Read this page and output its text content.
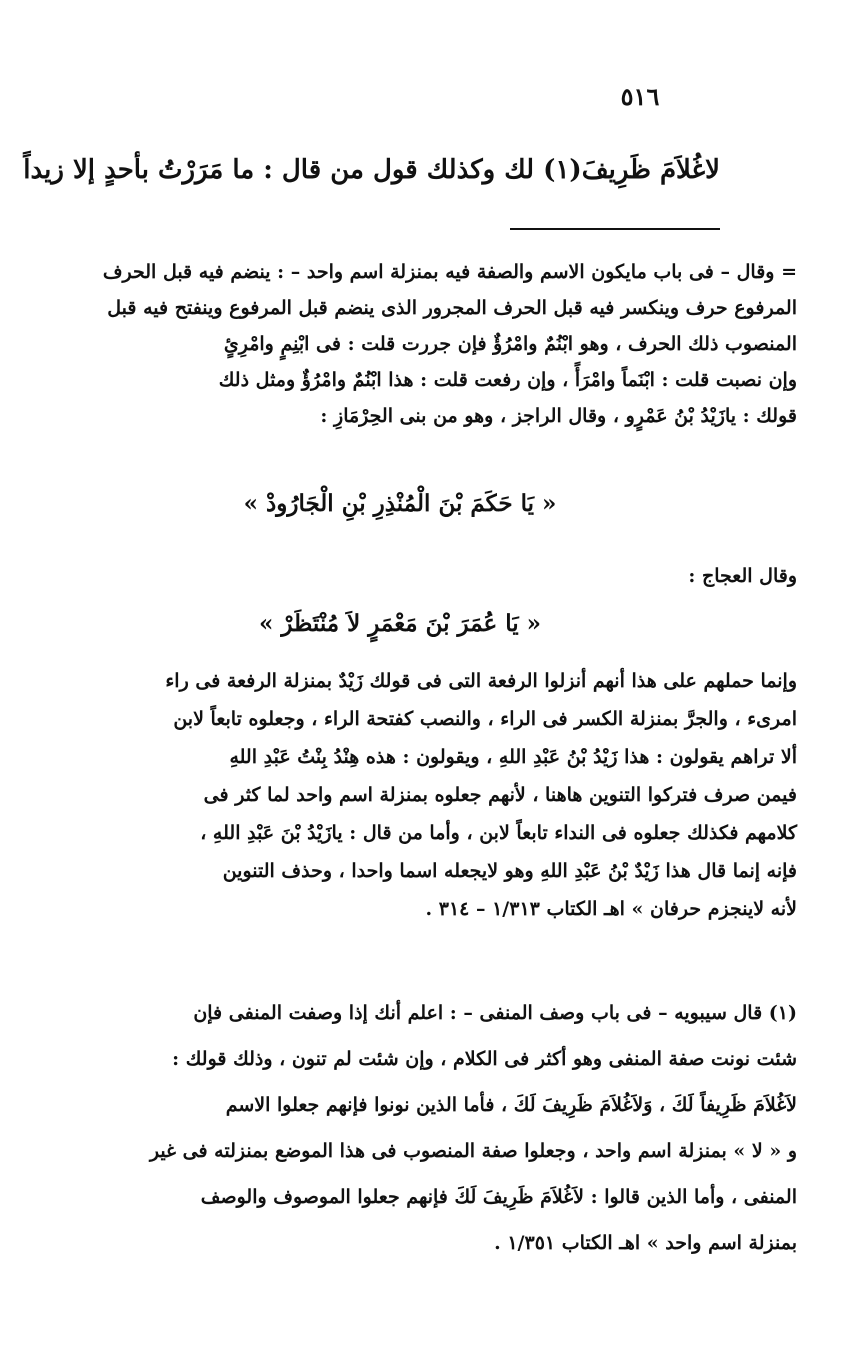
٥١٦
لاغُلاَمَ ظَرِيفَ(١) لك وكذلك قول من قال : ما مَرَرْتُ بأحدٍ إلا زيداً

= وقال – فى باب مايكون الاسم والصفة فيه بمنزلة اسم واحد – : ينضم فيه قبل الحرف

المرفوع حرف وينكسر فيه قبل الحرف المجرور الذى ينضم قبل المرفوع وينفتح فيه قبل

المنصوب ذلك الحرف ، وهو ابْنُمٌ وامْرُؤٌ فإن جررت قلت : فى ابْنِمٍ وامْرِئٍ

وإن نصبت قلت : ابْنَماً وامْرَأً ، وإن رفعت قلت : هذا ابْنُمٌ وامْرُؤٌ ومثل ذلك

قولك : يازَيْدُ بْنُ عَمْرٍو ، وقال الراجز ، وهو من بنى الحِرْمَازِ :

« يَا حَكَمَ بْنَ الْمُنْذِرِ بْنِ الْجَارُودْ »
وقال العجاج :
« يَا عُمَرَ بْنَ مَعْمَرٍ لاَ مُنْتَظَرْ »

وإنما حملهم على هذا أنهم أنزلوا الرفعة التى فى قولك زَيْدٌ بمنزلة الرفعة فى راء

امرىء ، والجرَّ بمنزلة الكسر فى الراء ، والنصب كفتحة الراء ، وجعلوه تابعاً لابن

ألا تراهم يقولون : هذا زَيْدُ بْنُ عَبْدِ اللهِ ، ويقولون : هذه هِنْدُ بِنْتُ عَبْدِ اللهِ

فيمن صرف فتركوا التنوين هاهنا ، لأنهم جعلوه بمنزلة اسم واحد لما كثر فى

كلامهم فكذلك جعلوه فى النداء تابعاً لابن ، وأما من قال : يازَيْدُ بْنَ عَبْدِ اللهِ ،

فإنه إنما قال هذا زَيْدٌ بْنُ عَبْدِ اللهِ وهو لايجعله اسما واحدا ، وحذف التنوين

لأنه لاينجزم حرفان » اهـ الكتاب ١/٣١٣ – ٣١٤ .

(١) قال سيبويه – فى باب وصف المنفى – : اعلم أنك إذا وصفت المنفى فإن

شئت نونت صفة المنفى وهو أكثر فى الكلام ، وإن شئت لم تنون ، وذلك قولك :

لاَغُلاَمَ ظَرِيفاً لَكَ ، وَلاَغُلاَمَ ظَرِيفَ لَكَ ، فأما الذين نونوا فإنهم جعلوا الاسم

و « لا » بمنزلة اسم واحد ، وجعلوا صفة المنصوب فى هذا الموضع بمنزلته فى غير

المنفى ، وأما الذين قالوا : لاَغُلاَمَ ظَرِيفَ لَكَ فإنهم جعلوا الموصوف والوصف

بمنزلة اسم واحد » اهـ الكتاب ١/٣٥١ .
